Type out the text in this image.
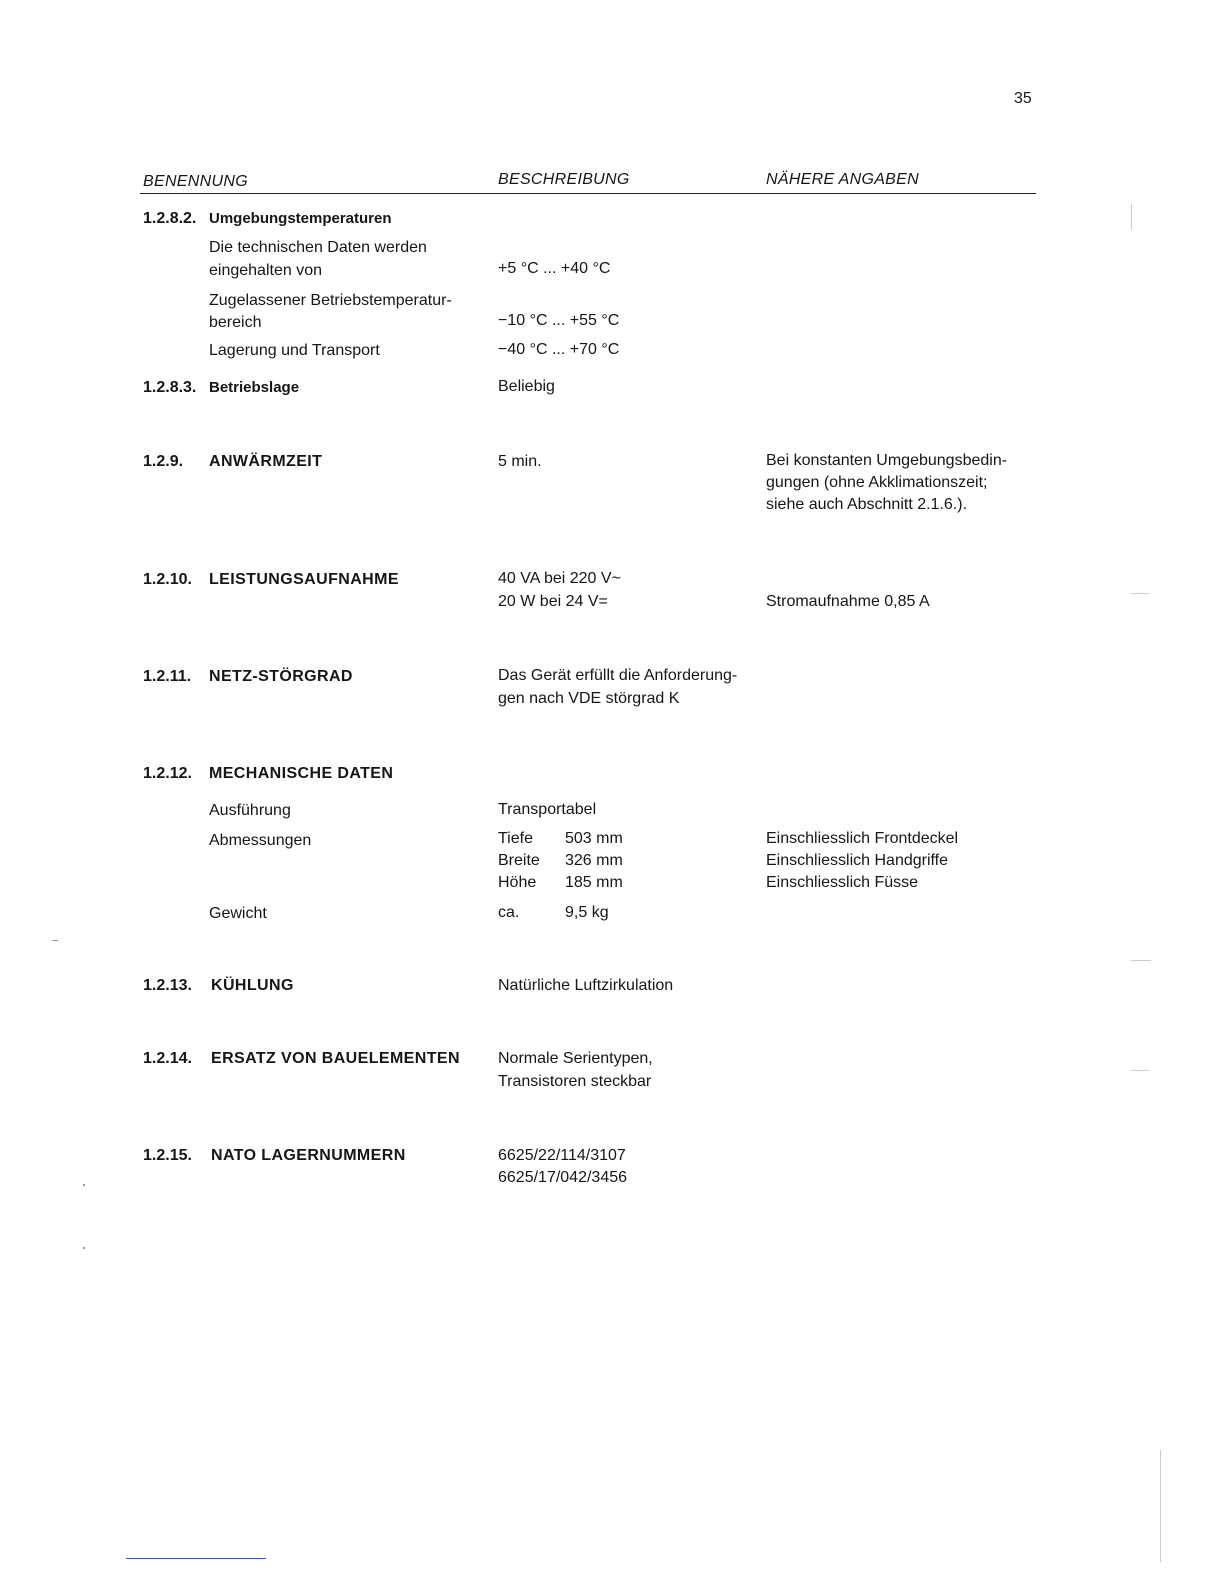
35
BENENNUNG	BESCHREIBUNG	NÄHERE ANGABEN
1.2.8.2. Umgebungstemperaturen
Die technischen Daten werden
eingehalten von	+5 °C ... +40 °C
Zugelassener Betriebstemperatur-
bereich	−10 °C ... +55 °C
Lagerung und Transport	−40 °C ... +70 °C
1.2.8.3. Betriebslage	Beliebig
1.2.9. ANWÄRMZEIT	5 min.	Bei konstanten Umgebungsbedin-
gungen (ohne Akklimationszeit;
siehe auch Abschnitt 2.1.6.).
1.2.10. LEISTUNGSAUFNAHME	40 VA bei 220 V~
20 W bei 24 V=	Stromaufnahme 0,85 A
1.2.11. NETZ-STÖRGRAD	Das Gerät erfüllt die Anforderung-
gen nach VDE störgrad K
1.2.12. MECHANISCHE DATEN
Ausführung	Transportabel
Abmessungen	Tiefe 503 mm	Einschliesslich Frontdeckel
Breite 326 mm	Einschliesslich Handgriffe
Höhe 185 mm	Einschliesslich Füsse
Gewicht	ca.	9,5 kg
1.2.13. KÜHLUNG	Natürliche Luftzirkulation
1.2.14. ERSATZ VON BAUELEMENTEN Normale Serientypen,
Transistoren steckbar
1.2.15. NATO LAGERNUMMERN	6625/22/114/3107
6625/17/042/3456
